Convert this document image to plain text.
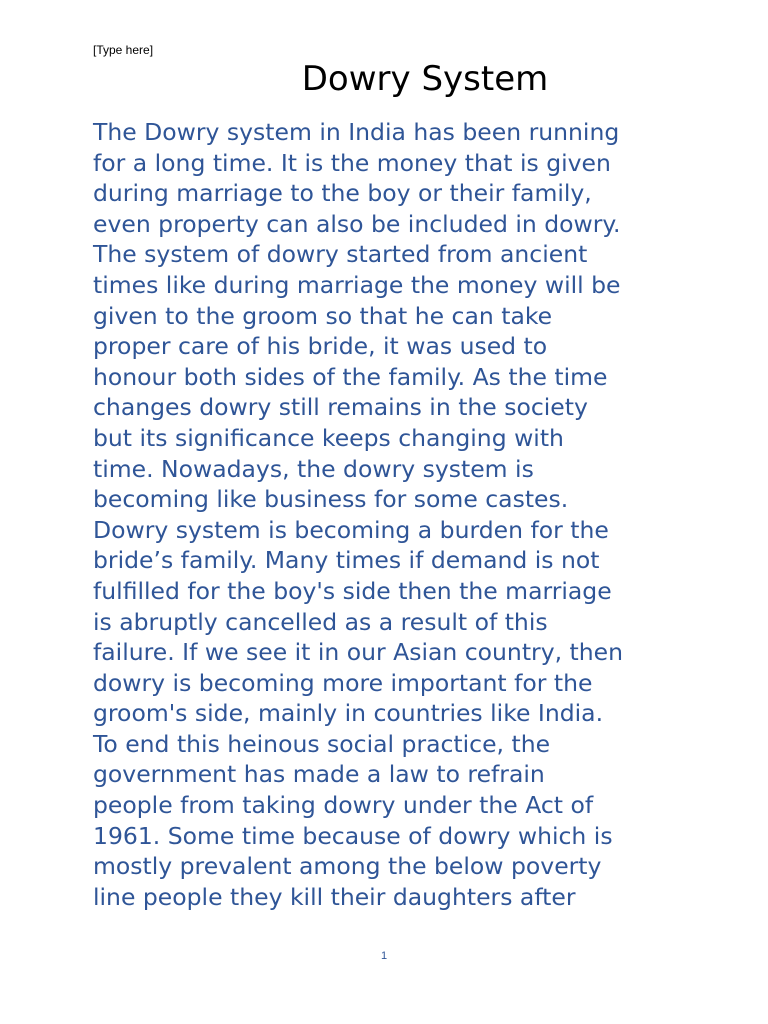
[Type here]
Dowry System

The Dowry system in India has been running
for a long time. It is the money that is given
during marriage to the boy or their family,
even property can also be included in dowry.
The system of dowry started from ancient
times like during marriage the money will be
given to the groom so that he can take
proper care of his bride, it was used to
honour both sides of the family. As the time
changes dowry still remains in the society
but its significance keeps changing with
time. Nowadays, the dowry system is
becoming like business for some castes.
Dowry system is becoming a burden for the
bride’s family. Many times if demand is not
fulfilled for the boy's side then the marriage
is abruptly cancelled as a result of this
failure. If we see it in our Asian country, then
dowry is becoming more important for the
groom's side, mainly in countries like India.
To end this heinous social practice, the
government has made a law to refrain
people from taking dowry under the Act of
1961. Some time because of dowry which is
mostly prevalent among the below poverty
line people they kill their daughters after

1
